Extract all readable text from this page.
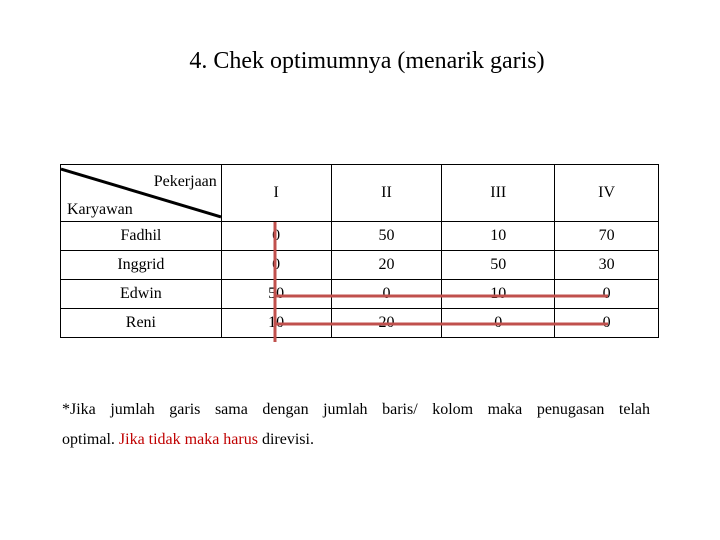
4. Chek optimumnya (menarik garis)
Pekerjaan
Karyawan	I	II	III	IV
Fadhil	0	50	10	70
Inggrid	0	20	50	30
Edwin	50	0	10	0
Reni	10	20	0	0
*Jika jumlah garis sama dengan jumlah baris/ kolom maka penugasan telah
optimal. Jika tidak maka harus direvisi.
